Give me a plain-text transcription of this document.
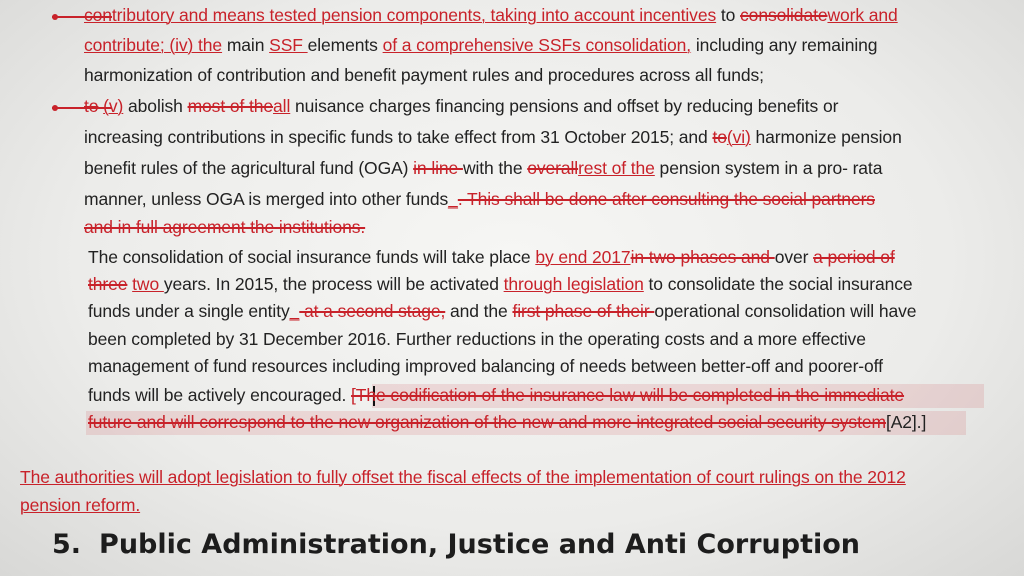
contributory and means tested pension components, taking into account incentives to consolidatework and
contribute; (iv) the main SSF elements of a comprehensive SSFs consolidation, including any remaining
harmonization of contribution and benefit payment rules and procedures across all funds;
to (v) abolish most of theall nuisance charges financing pensions and offset by reducing benefits or
increasing contributions in specific funds to take effect from 31 October 2015; and to(vi) harmonize pension
benefit rules of the agricultural fund (OGA) in line with the overallrest of the pension system in a pro- rata
manner, unless OGA is merged into other funds_. This shall be done after consulting the social partners
and in full agreement the institutions.
The consolidation of social insurance funds will take place by end 2017in two phases and over a period of
three two years. In 2015, the process will be activated through legislation to consolidate the social insurance
funds under a single entity_ at a second stage, and the first phase of their operational consolidation will have
been completed by 31 December 2016. Further reductions in the operating costs and a more effective
management of fund resources including improved balancing of needs between better-off and poorer-off
funds will be actively encouraged. [The codification of the insurance law will be completed in the immediate
future and will correspond to the new organization of the new and more integrated social security system[A2].]
The authorities will adopt legislation to fully offset the fiscal effects of the implementation of court rulings on the 2012
pension reform.
5. Public Administration, Justice and Anti Corruption
